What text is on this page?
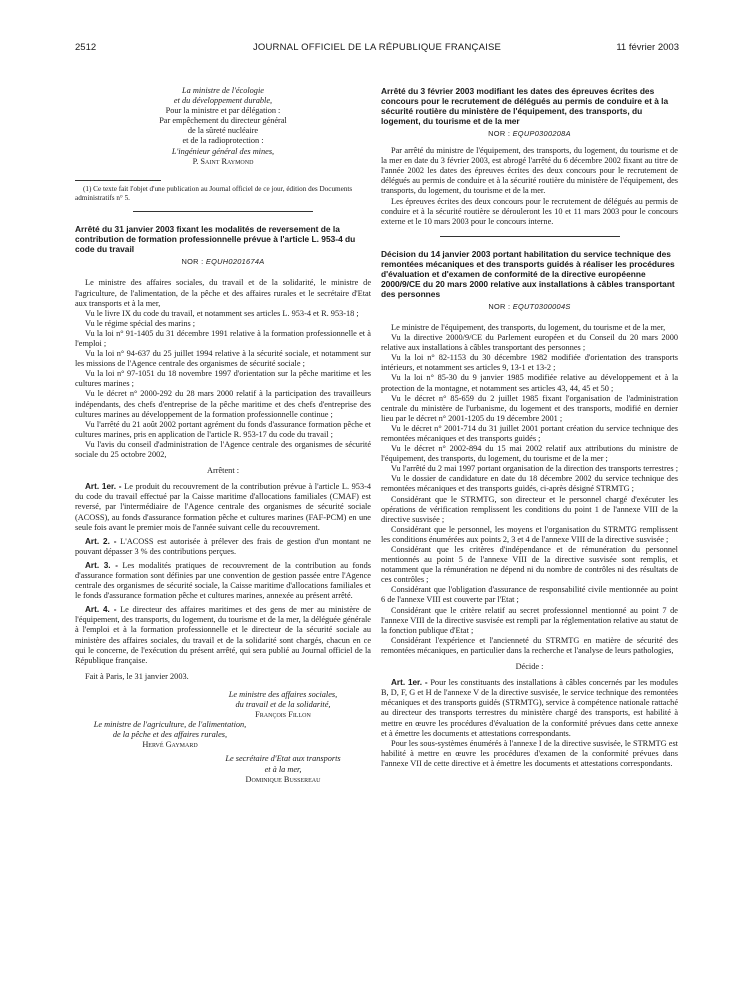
2512	JOURNAL OFFICIEL DE LA RÉPUBLIQUE FRANÇAISE	11 février 2003
La ministre de l'écologie
et du développement durable,
Pour la ministre et par délégation :
Par empêchement du directeur général
de la sûreté nucléaire
et de la radioprotection :
L'ingénieur général des mines,
P. Saint Raymond

(1) Ce texte fait l'objet d'une publication au Journal officiel de ce jour, édition des Documents administratifs n° 5.

Arrêté du 31 janvier 2003 fixant les modalités de reversement de la contribution de formation professionnelle prévue à l'article L. 953-4 du code du travail

NOR : EQUH0201674A

Le ministre des affaires sociales, du travail et de la solidarité, le ministre de l'agriculture, de l'alimentation, de la pêche et des affaires rurales et le secrétaire d'Etat aux transports et à la mer,

Vu le livre IX du code du travail, et notamment ses articles L. 953-4 et R. 953-18 ;

Vu le régime spécial des marins ;

Vu la loi n° 91-1405 du 31 décembre 1991 relative à la formation professionnelle et à l'emploi ;

Vu la loi n° 94-637 du 25 juillet 1994 relative à la sécurité sociale, et notamment sur les missions de l'Agence centrale des organismes de sécurité sociale ;

Vu la loi n° 97-1051 du 18 novembre 1997 d'orientation sur la pêche maritime et les cultures marines ;

Vu le décret n° 2000-292 du 28 mars 2000 relatif à la participation des travailleurs indépendants, des chefs d'entreprise de la pêche maritime et des chefs d'entreprise des cultures marines au développement de la formation professionnelle continue ;

Vu l'arrêté du 21 août 2002 portant agrément du fonds d'assurance formation pêche et cultures marines, pris en application de l'article R. 953-17 du code du travail ;

Vu l'avis du conseil d'administration de l'Agence centrale des organismes de sécurité sociale du 25 octobre 2002,

Arrêtent :

Art. 1er. - Le produit du recouvrement de la contribution prévue à l'article L. 953-4 du code du travail effectué par la Caisse maritime d'allocations familiales (CMAF) est reversé, par l'intermédiaire de l'Agence centrale des organismes de sécurité sociale (ACOSS), au fonds d'assurance formation pêche et cultures marines (FAF-PCM) en une seule fois avant le premier mois de l'année suivant celle du recouvrement.

Art. 2. - L'ACOSS est autorisée à prélever des frais de gestion d'un montant ne pouvant dépasser 3 % des contributions perçues.

Art. 3. - Les modalités pratiques de recouvrement de la contribution au fonds d'assurance formation sont définies par une convention de gestion passée entre l'Agence centrale des organismes de sécurité sociale, la Caisse maritime d'allocations familiales et le fonds d'assurance formation pêche et cultures marines, annexée au présent arrêté.

Art. 4. - Le directeur des affaires maritimes et des gens de mer au ministère de l'équipement, des transports, du logement, du tourisme et de la mer, la déléguée générale à l'emploi et à la formation professionnelle et le directeur de la sécurité sociale au ministère des affaires sociales, du travail et de la solidarité sont chargés, chacun en ce qui le concerne, de l'exécution du présent arrêté, qui sera publié au Journal officiel de la République française.

Fait à Paris, le 31 janvier 2003.

Le ministre des affaires sociales,
du travail et de la solidarité,
François Fillon
Le ministre de l'agriculture, de l'alimentation,
de la pêche et des affaires rurales,
Hervé Gaymard
Le secrétaire d'Etat aux transports
et à la mer,
Dominique Bussereau

Arrêté du 3 février 2003 modifiant les dates des épreuves écrites des concours pour le recrutement de délégués au permis de conduire et à la sécurité routière du ministère de l'équipement, des transports, du logement, du tourisme et de la mer

NOR : EQUP0300208A

Par arrêté du ministre de l'équipement, des transports, du logement, du tourisme et de la mer en date du 3 février 2003, est abrogé l'arrêté du 6 décembre 2002 fixant au titre de l'année 2002 les dates des épreuves écrites des deux concours pour le recrutement de délégués au permis de conduire et à la sécurité routière du ministère de l'équipement, des transports, du logement, du tourisme et de la mer.

Les épreuves écrites des deux concours pour le recrutement de délégués au permis de conduire et à la sécurité routière se dérouleront les 10 et 11 mars 2003 pour le concours externe et le 10 mars 2003 pour le concours interne.

Décision du 14 janvier 2003 portant habilitation du service technique des remontées mécaniques et des transports guidés à réaliser les procédures d'évaluation et d'examen de conformité de la directive européenne 2000/9/CE du 20 mars 2000 relative aux installations à câbles transportant des personnes

NOR : EQUT0300004S

Le ministre de l'équipement, des transports, du logement, du tourisme et de la mer,

Vu la directive 2000/9/CE du Parlement européen et du Conseil du 20 mars 2000 relative aux installations à câbles transportant des personnes ;

Vu la loi n° 82-1153 du 30 décembre 1982 modifiée d'orientation des transports intérieurs, et notamment ses articles 9, 13-1 et 13-2 ;

Vu la loi n° 85-30 du 9 janvier 1985 modifiée relative au développement et à la protection de la montagne, et notamment ses articles 43, 44, 45 et 50 ;

Vu le décret n° 85-659 du 2 juillet 1985 fixant l'organisation de l'administration centrale du ministère de l'urbanisme, du logement et des transports, modifié en dernier lieu par le décret n° 2001-1205 du 19 décembre 2001 ;

Vu le décret n° 2001-714 du 31 juillet 2001 portant création du service technique des remontées mécaniques et des transports guidés ;

Vu le décret n° 2002-894 du 15 mai 2002 relatif aux attributions du ministre de l'équipement, des transports, du logement, du tourisme et de la mer ;

Vu l'arrêté du 2 mai 1997 portant organisation de la direction des transports terrestres ;

Vu le dossier de candidature en date du 18 décembre 2002 du service technique des remontées mécaniques et des transports guidés, ci-après désigné STRMTG ;

Considérant que le STRMTG, son directeur et le personnel chargé d'exécuter les opérations de vérification remplissent les conditions du point 1 de l'annexe VIII de la directive susvisée ;

Considérant que le personnel, les moyens et l'organisation du STRMTG remplissent les conditions énumérées aux points 2, 3 et 4 de l'annexe VIII de la directive susvisée ;

Considérant que les critères d'indépendance et de rémunération du personnel mentionnés au point 5 de l'annexe VIII de la directive susvisée sont remplis, et notamment que la rémunération ne dépend ni du nombre de contrôles ni des résultats de ces contrôles ;

Considérant que l'obligation d'assurance de responsabilité civile mentionnée au point 6 de l'annexe VIII est couverte par l'Etat ;

Considérant que le critère relatif au secret professionnel mentionné au point 7 de l'annexe VIII de la directive susvisée est rempli par la réglementation relative au statut de la fonction publique d'Etat ;

Considérant l'expérience et l'ancienneté du STRMTG en matière de sécurité des remontées mécaniques, en particulier dans la recherche et l'analyse de leurs pathologies,

Décide :

Art. 1er. - Pour les constituants des installations à câbles concernés par les modules B, D, F, G et H de l'annexe V de la directive susvisée, le service technique des remontées mécaniques et des transports guidés (STRMTG), service à compétence nationale rattaché au directeur des transports terrestres du ministère chargé des transports, est habilité à mettre en œuvre les procédures d'évaluation de la conformité prévues dans cette annexe et à émettre les documents et attestations correspondants.

Pour les sous-systèmes énumérés à l'annexe I de la directive susvisée, le STRMTG est habilité à mettre en œuvre les procédures d'examen de la conformité prévues dans l'annexe VII de cette directive et à émettre les documents et attestations correspondants.
